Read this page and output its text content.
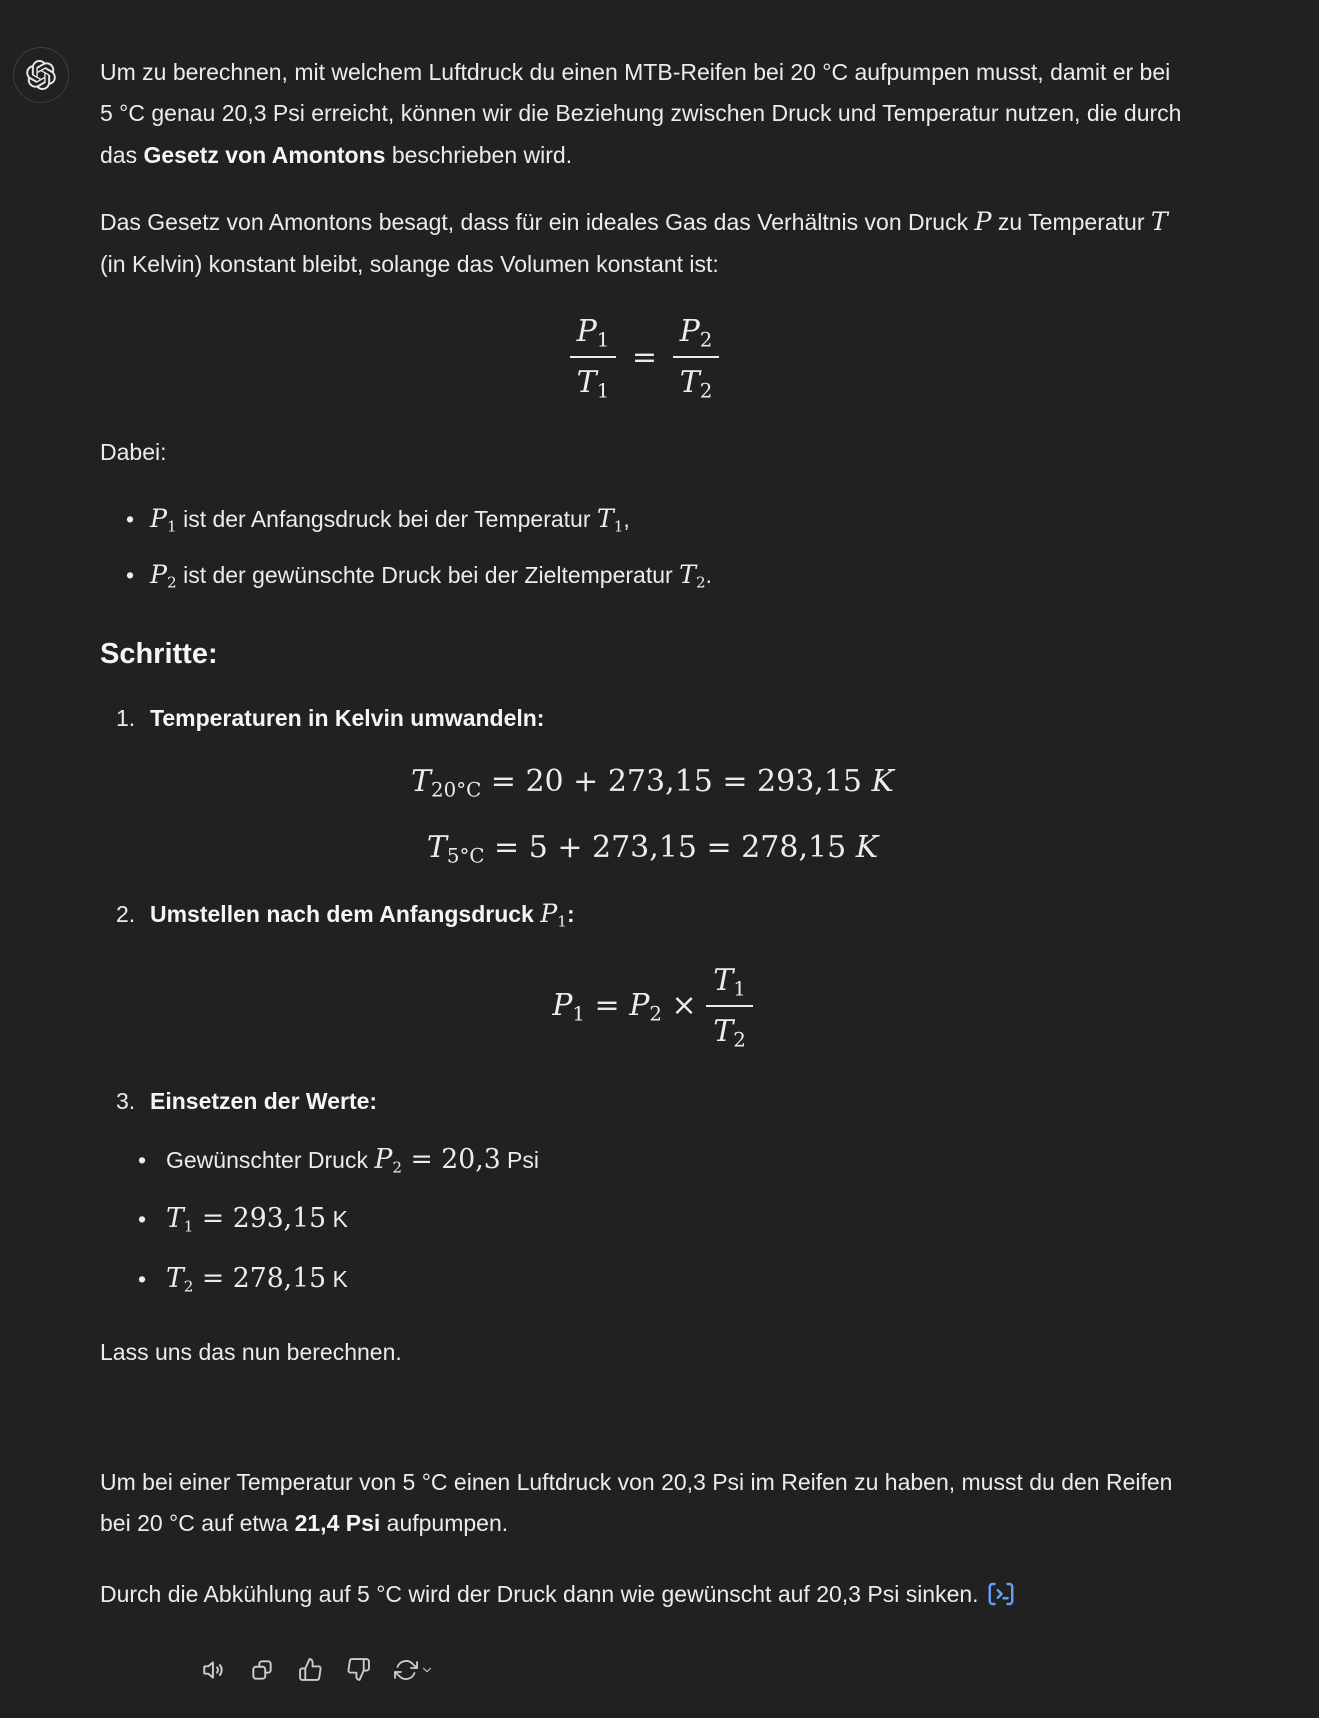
Um zu berechnen, mit welchem Luftdruck du einen MTB-Reifen bei 20 °C aufpumpen musst, damit er bei 5 °C genau 20,3 Psi erreicht, können wir die Beziehung zwischen Druck und Temperatur nutzen, die durch das Gesetz von Amontons beschrieben wird.

Das Gesetz von Amontons besagt, dass für ein ideales Gas das Verhältnis von Druck P zu Temperatur T (in Kelvin) konstant bleibt, solange das Volumen konstant ist:

$\frac{P_1}{T_1} = \frac{P_2}{T_2}$

Dabei:

• $P_1$ ist der Anfangsdruck bei der Temperatur $T_1$,
• $P_2$ ist der gewünschte Druck bei der Zieltemperatur $T_2$.
Schritte:
1. Temperaturen in Kelvin umwandeln:
$T_{20^\circ C} = 20 + 273,15 = 293,15$ K
$T_{5^\circ C} = 5 + 273,15 = 278,15$ K
2. Umstellen nach dem Anfangsdruck $P_1$:
$P_1 = P_2 \times \frac{T_1}{T_2}$
3. Einsetzen der Werte:
• Gewünschter Druck $P_2 = 20,3$ Psi
• $T_1 = 293,15$ K
• $T_2 = 278,15$ K

Lass uns das nun berechnen.

Um bei einer Temperatur von 5 °C einen Luftdruck von 20,3 Psi im Reifen zu haben, musst du den Reifen bei 20 °C auf etwa 21,4 Psi aufpumpen.

Durch die Abkühlung auf 5 °C wird der Druck dann wie gewünscht auf 20,3 Psi sinken.
